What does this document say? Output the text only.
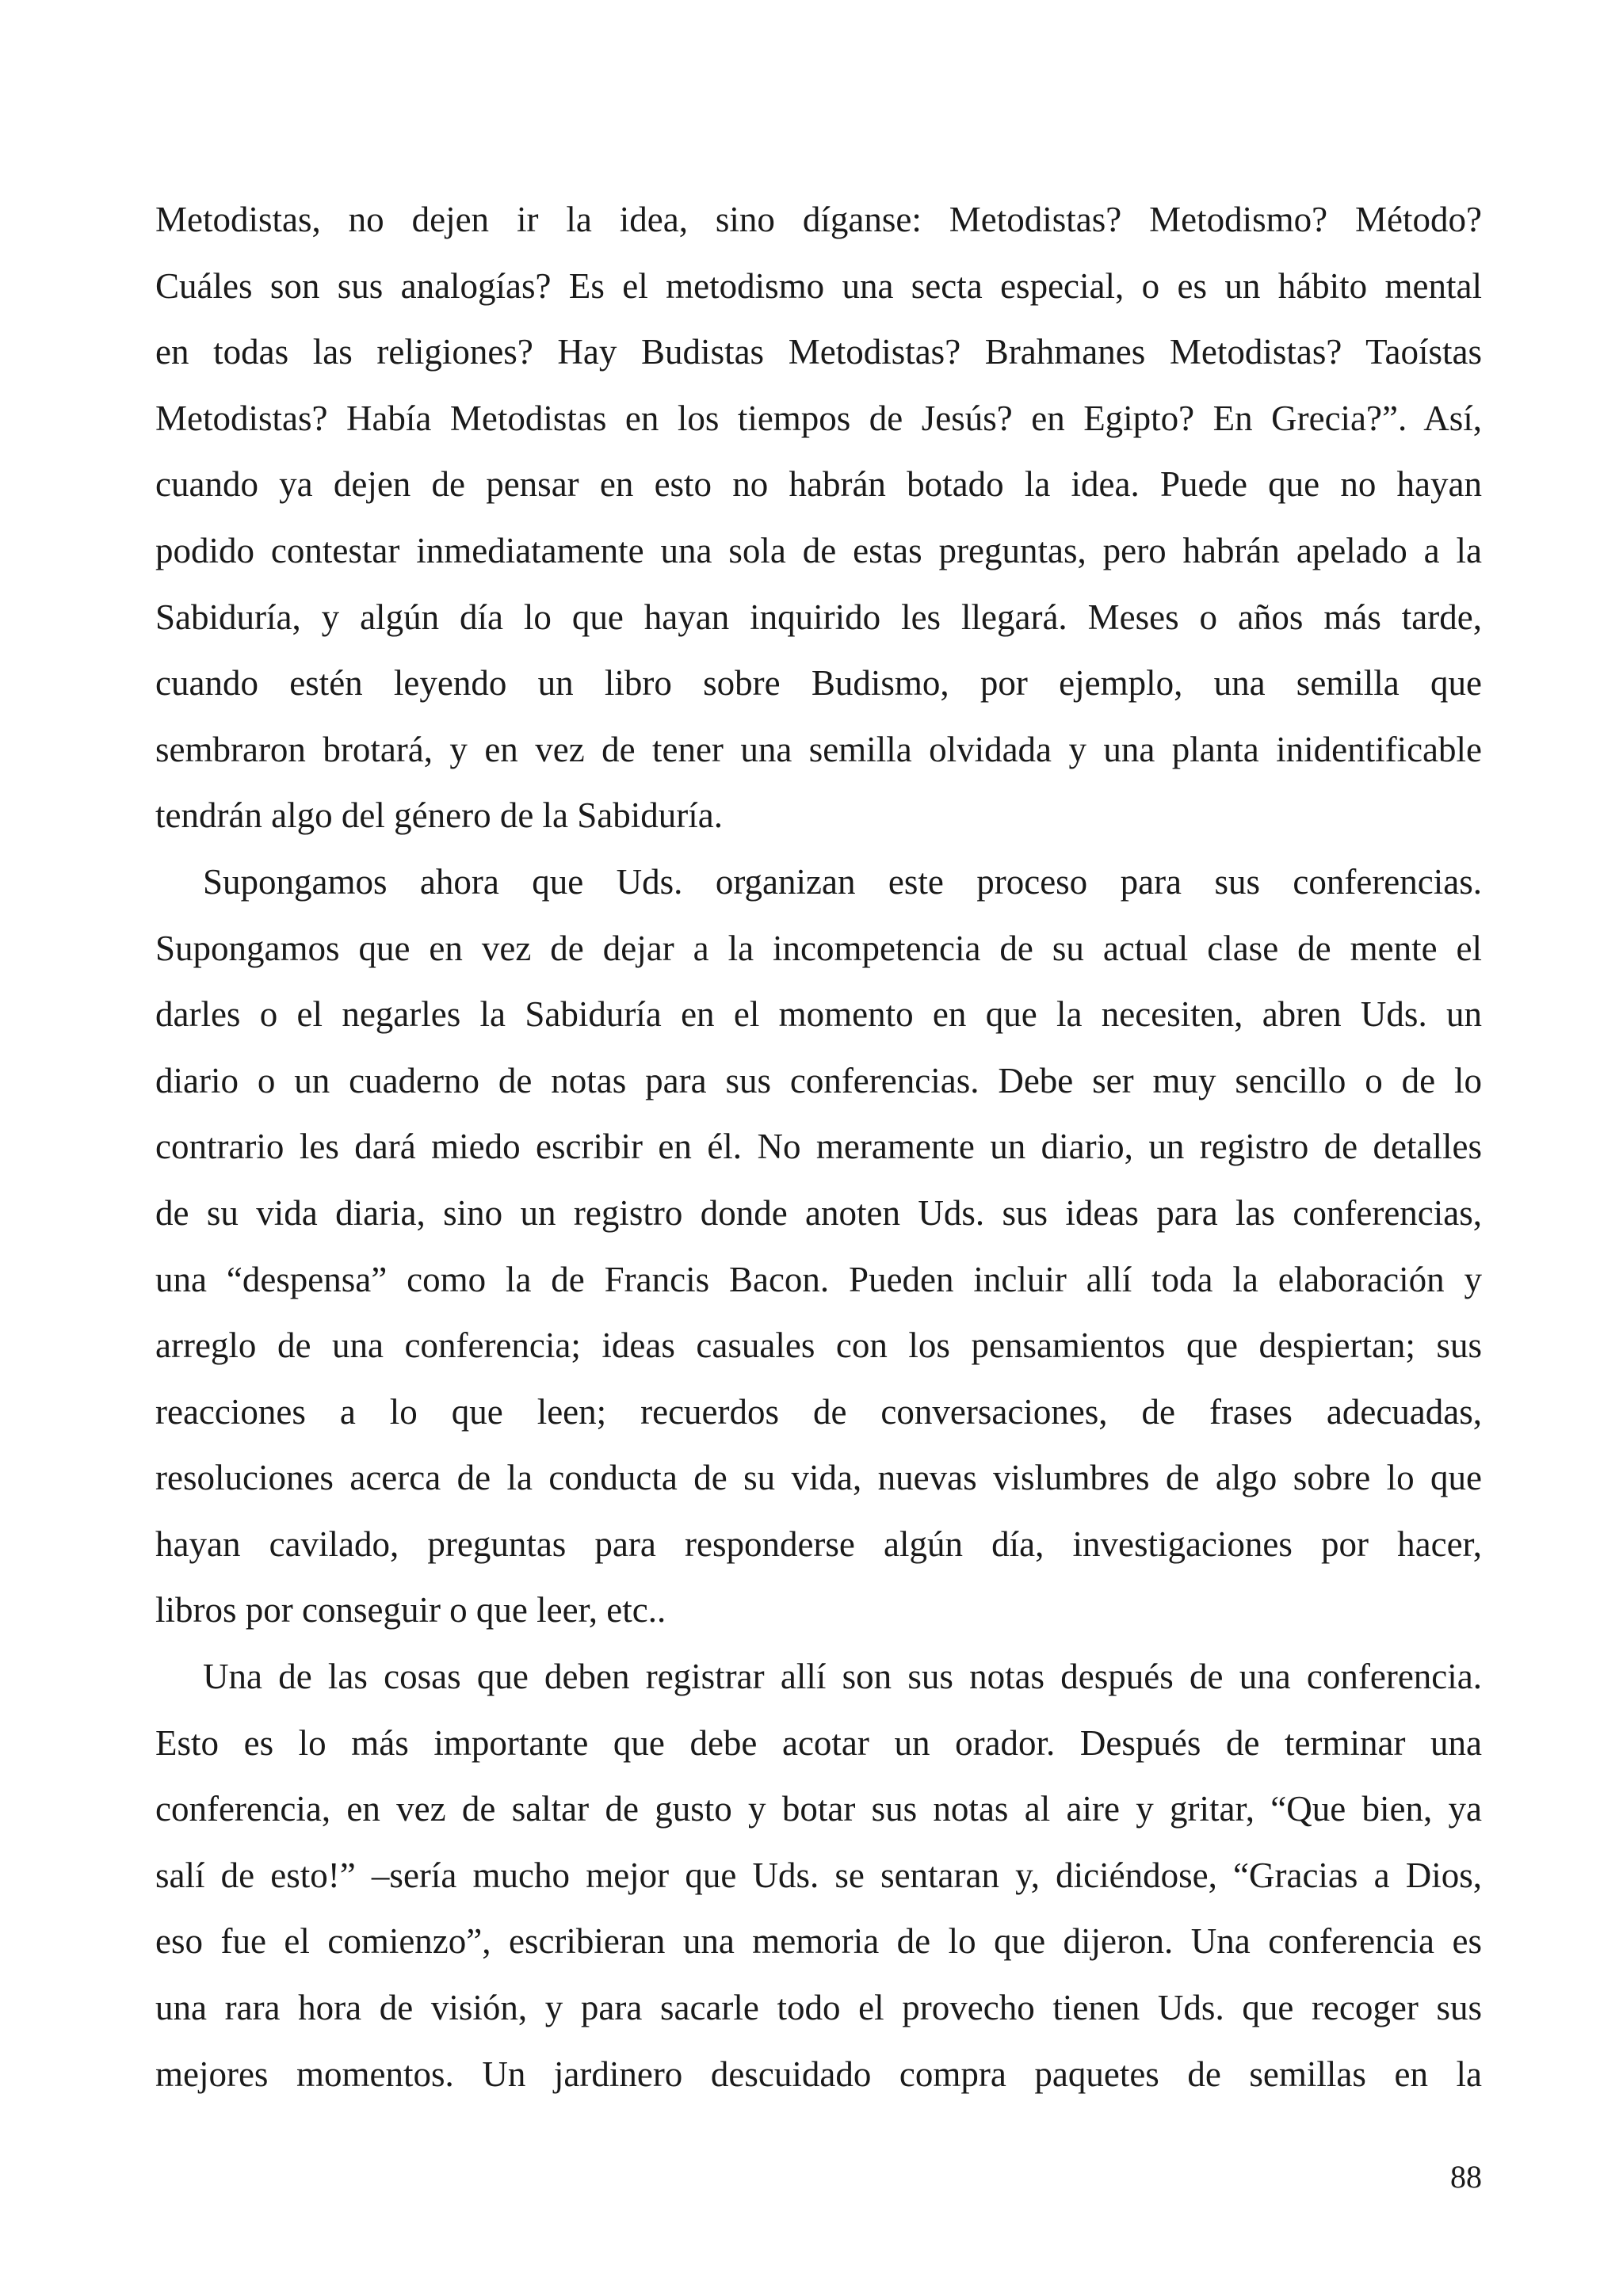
Metodistas, no dejen ir la idea, sino díganse: Metodistas? Metodismo? Método?
Cuáles son sus analogías? Es el metodismo una secta especial, o es un hábito mental
en todas las religiones? Hay Budistas Metodistas? Brahmanes Metodistas? Taoístas
Metodistas? Había Metodistas en los tiempos de Jesús? en Egipto? En Grecia?”. Así,
cuando ya dejen de pensar en esto no habrán botado la idea. Puede que no hayan
podido contestar inmediatamente una sola de estas preguntas, pero habrán apelado a la
Sabiduría, y algún día lo que hayan inquirido les llegará. Meses o años más tarde,
cuando estén leyendo un libro sobre Budismo, por ejemplo, una semilla que
sembraron brotará, y en vez de tener una semilla olvidada y una planta inidentificable
tendrán algo del género de la Sabiduría.
Supongamos ahora que Uds. organizan este proceso para sus conferencias.
Supongamos que en vez de dejar a la incompetencia de su actual clase de mente el
darles o el negarles la Sabiduría en el momento en que la necesiten, abren Uds. un
diario o un cuaderno de notas para sus conferencias. Debe ser muy sencillo o de lo
contrario les dará miedo escribir en él. No meramente un diario, un registro de detalles
de su vida diaria, sino un registro donde anoten Uds. sus ideas para las conferencias,
una “despensa” como la de Francis Bacon. Pueden incluir allí toda la elaboración y
arreglo de una conferencia; ideas casuales con los pensamientos que despiertan; sus
reacciones a lo que leen; recuerdos de conversaciones, de frases adecuadas,
resoluciones acerca de la conducta de su vida, nuevas vislumbres de algo sobre lo que
hayan cavilado, preguntas para responderse algún día, investigaciones por hacer,
libros por conseguir o que leer, etc..
Una de las cosas que deben registrar allí son sus notas después de una conferencia.
Esto es lo más importante que debe acotar un orador. Después de terminar una
conferencia, en vez de saltar de gusto y botar sus notas al aire y gritar, “Que bien, ya
salí de esto!” –sería mucho mejor que Uds. se sentaran y, diciéndose, “Gracias a Dios,
eso fue el comienzo”, escribieran una memoria de lo que dijeron. Una conferencia es
una rara hora de visión, y para sacarle todo el provecho tienen Uds. que recoger sus
mejores momentos. Un jardinero descuidado compra paquetes de semillas en la
88
